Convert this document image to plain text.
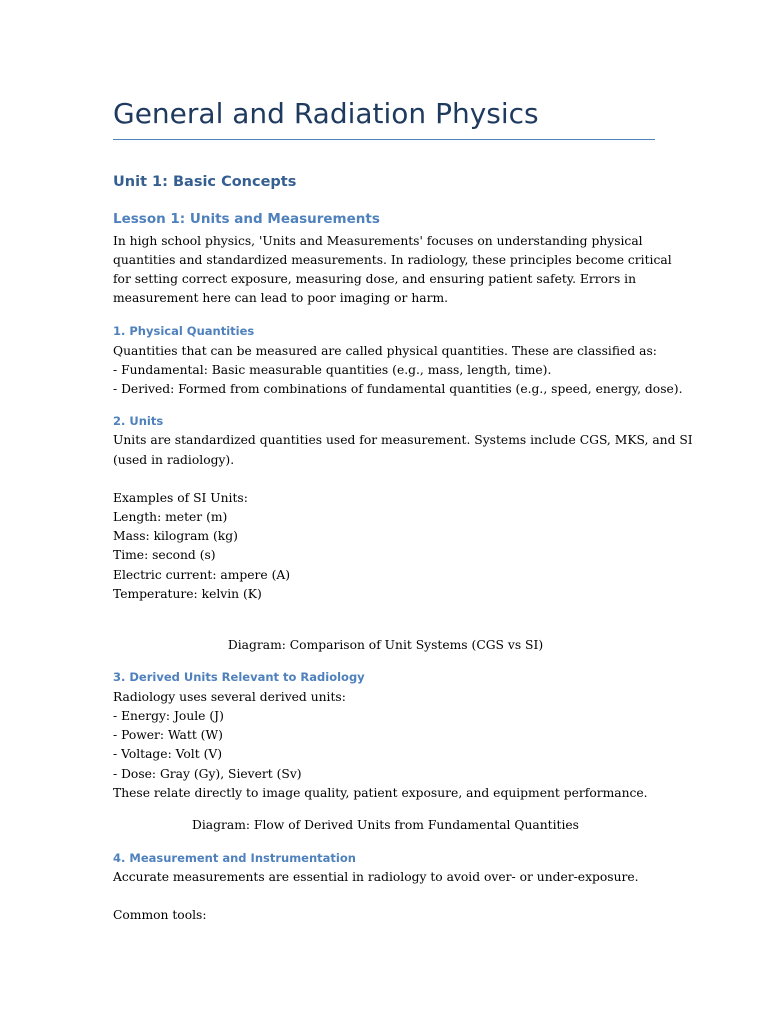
General and Radiation Physics
Unit 1: Basic Concepts
Lesson 1: Units and Measurements

In high school physics, 'Units and Measurements' focuses on understanding physical

quantities and standardized measurements. In radiology, these principles become critical

for setting correct exposure, measuring dose, and ensuring patient safety. Errors in

measurement here can lead to poor imaging or harm.

1. Physical Quantities

Quantities that can be measured are called physical quantities. These are classified as:

- Fundamental: Basic measurable quantities (e.g., mass, length, time).

- Derived: Formed from combinations of fundamental quantities (e.g., speed, energy, dose).

2. Units

Units are standardized quantities used for measurement. Systems include CGS, MKS, and SI

(used in radiology).

Examples of SI Units:

Length: meter (m)

Mass: kilogram (kg)

Time: second (s)

Electric current: ampere (A)

Temperature: kelvin (K)

Diagram: Comparison of Unit Systems (CGS vs SI)

3. Derived Units Relevant to Radiology

Radiology uses several derived units:

- Energy: Joule (J)

- Power: Watt (W)

- Voltage: Volt (V)

- Dose: Gray (Gy), Sievert (Sv)

These relate directly to image quality, patient exposure, and equipment performance.

Diagram: Flow of Derived Units from Fundamental Quantities

4. Measurement and Instrumentation

Accurate measurements are essential in radiology to avoid over- or under-exposure.

Common tools:
